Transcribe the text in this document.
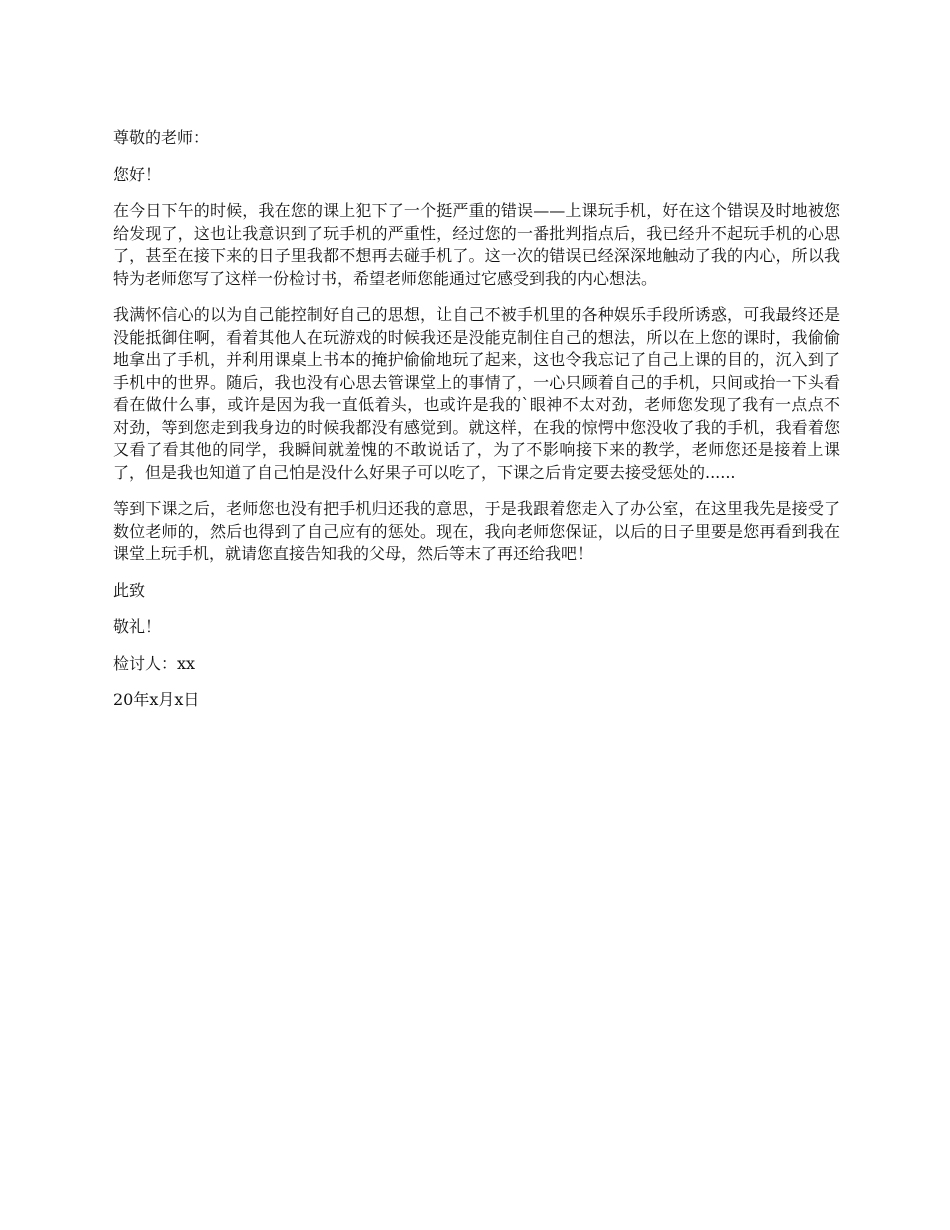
尊敬的老师：

您好！

在今日下午的时候，我在您的课上犯下了一个挺严重的错误——上课玩手机，好在这个错误及时地被您给发现了，这也让我意识到了玩手机的严重性，经过您的一番批判指点后，我已经升不起玩手机的心思了，甚至在接下来的日子里我都不想再去碰手机了。这一次的错误已经深深地触动了我的内心，所以我特为老师您写了这样一份检讨书，希望老师您能通过它感受到我的内心想法。

我满怀信心的以为自己能控制好自己的思想，让自己不被手机里的各种娱乐手段所诱惑，可我最终还是没能抵御住啊，看着其他人在玩游戏的时候我还是没能克制住自己的想法，所以在上您的课时，我偷偷地拿出了手机，并利用课桌上书本的掩护偷偷地玩了起来，这也令我忘记了自己上课的目的，沉入到了手机中的世界。随后，我也没有心思去管课堂上的事情了，一心只顾着自己的手机，只间或抬一下头看看在做什么事，或许是因为我一直低着头，也或许是我的`眼神不太对劲，老师您发现了我有一点点不对劲，等到您走到我身边的时候我都没有感觉到。就这样，在我的惊愕中您没收了我的手机，我看着您又看了看其他的同学，我瞬间就羞愧的不敢说话了，为了不影响接下来的教学，老师您还是接着上课了，但是我也知道了自己怕是没什么好果子可以吃了，下课之后肯定要去接受惩处的......

等到下课之后，老师您也没有把手机归还我的意思，于是我跟着您走入了办公室，在这里我先是接受了数位老师的，然后也得到了自己应有的惩处。现在，我向老师您保证，以后的日子里要是您再看到我在课堂上玩手机，就请您直接告知我的父母，然后等末了再还给我吧！

此致

敬礼！

检讨人：xx

20年x月x日
